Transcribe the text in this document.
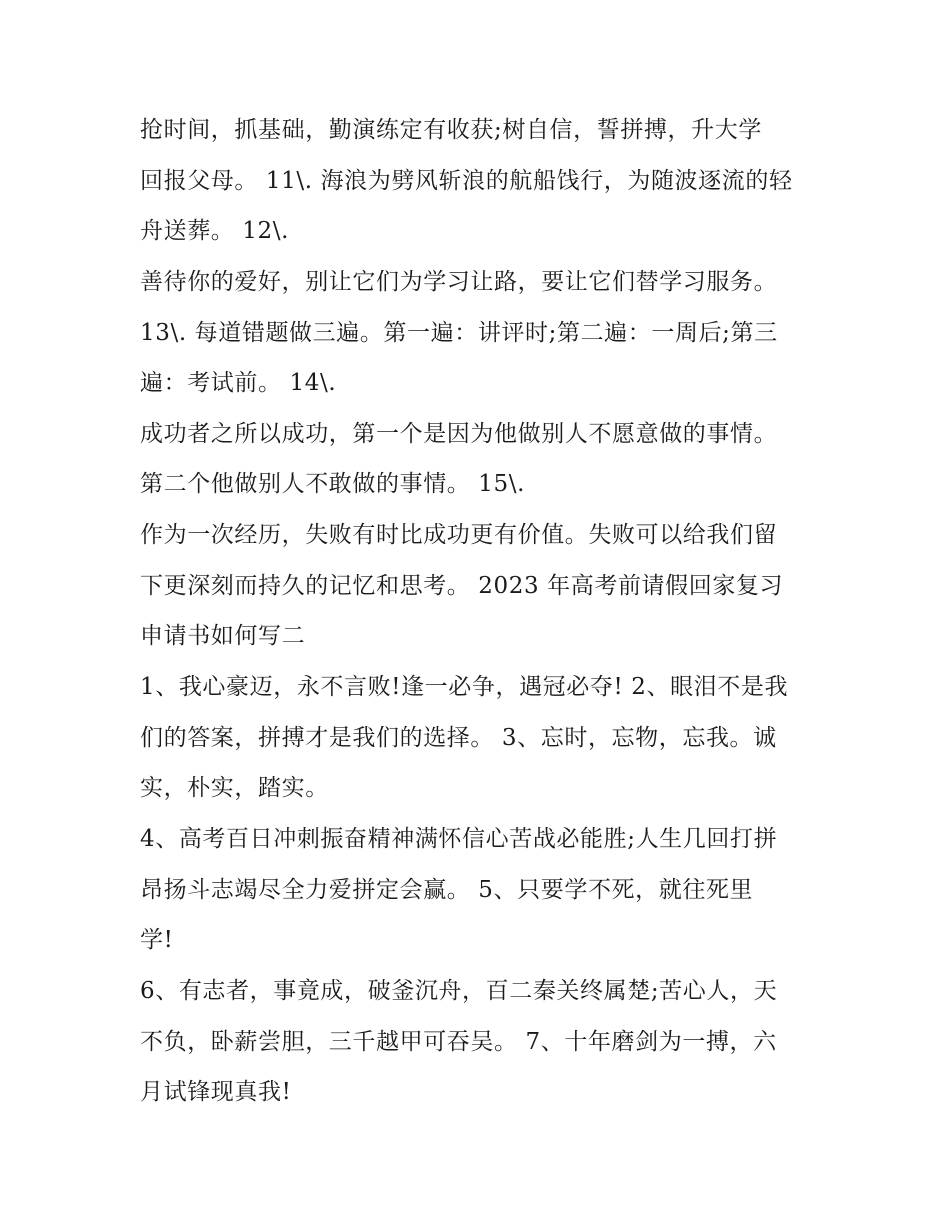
抢时间，抓基础，勤演练定有收获;树自信，誓拼搏，升大学
回报父母。 11\. 海浪为劈风斩浪的航船饯行，为随波逐流的轻
舟送葬。 12\.
善待你的爱好，别让它们为学习让路，要让它们替学习服务。
13\. 每道错题做三遍。第一遍：讲评时;第二遍：一周后;第三
遍：考试前。 14\.
成功者之所以成功，第一个是因为他做别人不愿意做的事情。
第二个他做别人不敢做的事情。 15\.
作为一次经历，失败有时比成功更有价值。失败可以给我们留
下更深刻而持久的记忆和思考。 2023 年高考前请假回家复习
申请书如何写二
1、我心豪迈，永不言败!逢一必争，遇冠必夺! 2、眼泪不是我
们的答案，拼搏才是我们的选择。 3、忘时，忘物，忘我。诚
实，朴实，踏实。
4、高考百日冲刺振奋精神满怀信心苦战必能胜;人生几回打拼
昂扬斗志竭尽全力爱拼定会赢。 5、只要学不死，就往死里
学!
6、有志者，事竟成，破釜沉舟，百二秦关终属楚;苦心人，天
不负，卧薪尝胆，三千越甲可吞吴。 7、十年磨剑为一搏，六
月试锋现真我!
